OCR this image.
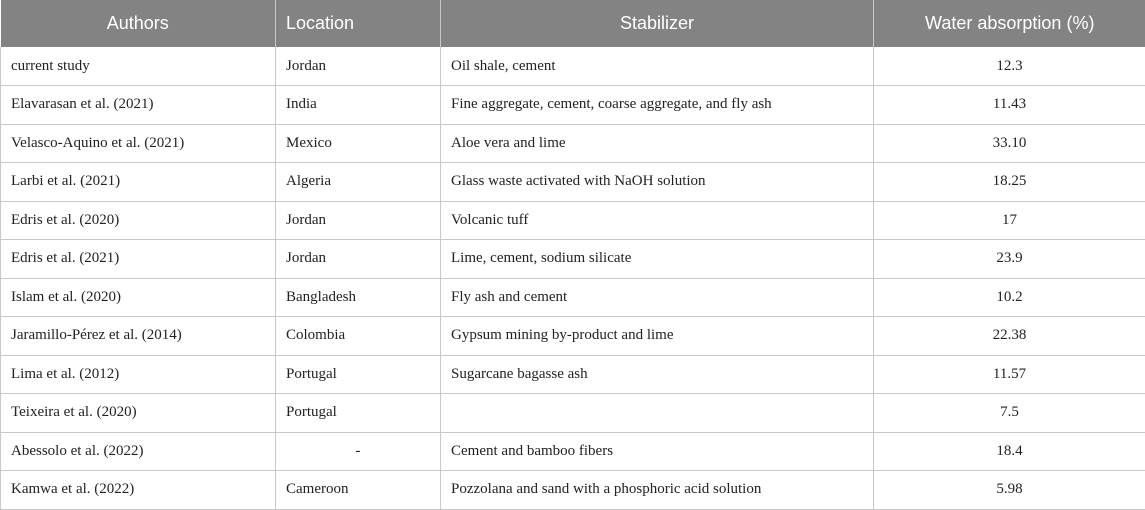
Authors	Location	Stabilizer	Water absorption (%)
current study	Jordan	Oil shale, cement	12.3
Elavarasan et al. (2021)	India	Fine aggregate, cement, coarse aggregate, and fly ash	11.43
Velasco-Aquino et al. (2021)	Mexico	Aloe vera and lime	33.10
Larbi et al. (2021)	Algeria	Glass waste activated with NaOH solution	18.25
Edris et al. (2020)	Jordan	Volcanic tuff	17
Edris et al. (2021)	Jordan	Lime, cement, sodium silicate	23.9
Islam et al. (2020)	Bangladesh	Fly ash and cement	10.2
Jaramillo-Pérez et al. (2014)	Colombia	Gypsum mining by-product and lime	22.38
Lima et al. (2012)	Portugal	Sugarcane bagasse ash	11.57
Teixeira et al. (2020)	Portugal		7.5
Abessolo et al. (2022)	-	Cement and bamboo fibers	18.4
Kamwa et al. (2022)	Cameroon	Pozzolana and sand with a phosphoric acid solution	5.98
